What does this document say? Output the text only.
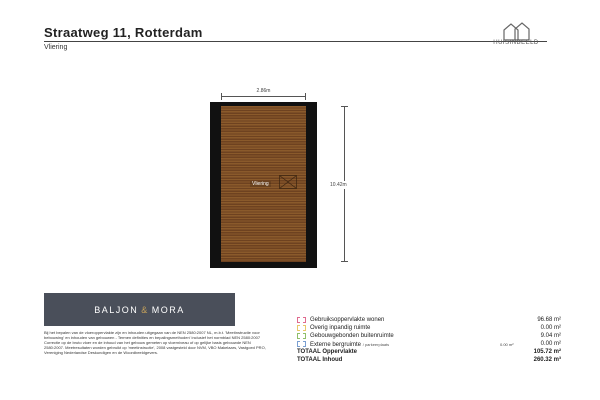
Straatweg 11, Rotterdam
Vliering
HUISINBEELD
2.86m
Vliering	10.42m
BALJON & MORA
Bij het bepalen van de vloeroppervlakte zijn en inhouden uitgegaan van de NEN 2580:2007 NL, m.b.t. 'Meetinstructie voor bebouwing' en inhouden van gebouwen - Termen definities en bepalingsmethoden' inclusief het normblad NEN 2580:2007 Correctie op de bruto vloer en de inhoud van het gebouw gemeten op vloerniveau of op gelijke basis gebouwde NEN 2580:2007. Meetresultaten worden gebruikt op 'meetinstructie', 2008 vastgesteld door NVM, VBO Makelaars, Vastgoed PRO, Vereniging Nederlandse Deskundigen en de Woordbeeldgevers.
Gebruiksoppervlakte wonen	96.68 m²
Overig inpandig ruimte	0.00 m²
Gebouwgebonden buitenruimte	9.04 m²
Externe bergruimte / parkeerplaats	0.00 m²	0.00 m²
TOTAAL Oppervlakte	105.72 m²
TOTAAL Inhoud	260.32 m³
